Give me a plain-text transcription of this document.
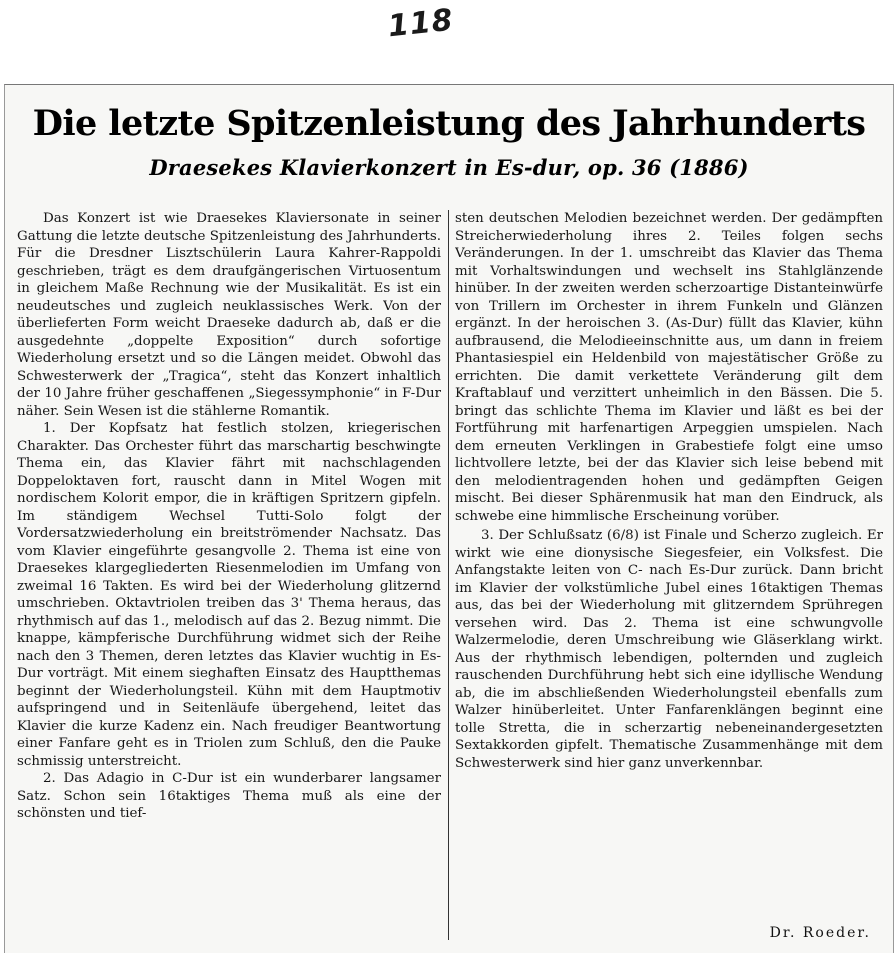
118
Die letzte Spitzenleistung des Jahrhunderts
Draesekes Klavierkonzert in Es-dur, op. 36 (1886)

Das Konzert ist wie Draesekes Klaviersonate in seiner Gattung die letzte deutsche Spitzenleistung des Jahrhunderts. Für die Dresdner Lisztschülerin Laura Kahrer-Rappoldi geschrieben, trägt es dem draufgängerischen Virtuosentum in gleichem Maße Rechnung wie der Musikalität. Es ist ein neudeutsches und zugleich neuklassisches Werk. Von der überlieferten Form weicht Draeseke dadurch ab, daß er die ausgedehnte „doppelte Exposition“ durch sofortige Wiederholung ersetzt und so die Längen meidet. Obwohl das Schwesterwerk der „Tragica“, steht das Konzert inhaltlich der 10 Jahre früher geschaffenen „Siegessymphonie“ in F-Dur näher. Sein Wesen ist die stählerne Romantik.

1. Der Kopfsatz hat festlich stolzen, kriegerischen Charakter. Das Orchester führt das marschartig beschwingte Thema ein, das Klavier fährt mit nachschlagenden Doppeloktaven fort, rauscht dann in Mitel Wogen mit nordischem Kolorit empor, die in kräftigen Spritzern gipfeln. Im ständigem Wechsel Tutti-Solo folgt der Vordersatzwiederholung ein breitströmender Nachsatz. Das vom Klavier eingeführte gesangvolle 2. Thema ist eine von Draesekes klargegliederten Riesenmelodien im Umfang von zweimal 16 Takten. Es wird bei der Wiederholung glitzernd umschrieben. Oktavtriolen treiben das 3' Thema heraus, das rhythmisch auf das 1., melodisch auf das 2. Bezug nimmt. Die knappe, kämpferische Durchführung widmet sich der Reihe nach den 3 Themen, deren letztes das Klavier wuchtig in Es-Dur vorträgt. Mit einem sieghaften Einsatz des Hauptthemas beginnt der Wiederholungsteil. Kühn mit dem Hauptmotiv aufspringend und in Seitenläufe übergehend, leitet das Klavier die kurze Kadenz ein. Nach freudiger Beantwortung einer Fanfare geht es in Triolen zum Schluß, den die Pauke schmissig unterstreicht.

2. Das Adagio in C-Dur ist ein wunderbarer langsamer Satz. Schon sein 16taktiges Thema muß als eine der schönsten und tief-

sten deutschen Melodien bezeichnet werden. Der gedämpften Streicherwiederholung ihres 2. Teiles folgen sechs Veränderungen. In der 1. umschreibt das Klavier das Thema mit Vorhaltswindungen und wechselt ins Stahlglänzende hinüber. In der zweiten werden scherzoartige Distanteinwürfe von Trillern im Orchester in ihrem Funkeln und Glänzen ergänzt. In der heroischen 3. (As-Dur) füllt das Klavier, kühn aufbrausend, die Melodieeinschnitte aus, um dann in freiem Phantasiespiel ein Heldenbild von majestätischer Größe zu errichten. Die damit verkettete Veränderung gilt dem Kraftablauf und verzittert unheimlich in den Bässen. Die 5. bringt das schlichte Thema im Klavier und läßt es bei der Fortführung mit harfenartigen Arpeggien umspielen. Nach dem erneuten Verklingen in Grabestiefe folgt eine umso lichtvollere letzte, bei der das Klavier sich leise bebend mit den melodientragenden hohen und gedämpften Geigen mischt. Bei dieser Sphärenmusik hat man den Eindruck, als schwebe eine himmlische Erscheinung vorüber.

3. Der Schlußsatz (6/8) ist Finale und Scherzo zugleich. Er wirkt wie eine dionysische Siegesfeier, ein Volksfest. Die Anfangstakte leiten von C- nach Es-Dur zurück. Dann bricht im Klavier der volkstümliche Jubel eines 16taktigen Themas aus, das bei der Wiederholung mit glitzerndem Sprühregen versehen wird. Das 2. Thema ist eine schwungvolle Walzermelodie, deren Umschreibung wie Gläserklang wirkt. Aus der rhythmisch lebendigen, polternden und zugleich rauschenden Durchführung hebt sich eine idyllische Wendung ab, die im abschließenden Wiederholungsteil ebenfalls zum Walzer hinüberleitet. Unter Fanfarenklängen beginnt eine tolle Stretta, die in scherzartig nebeneinandergesetzten Sextakkorden gipfelt. Thematische Zusammenhänge mit dem Schwesterwerk sind hier ganz unverkennbar.

Dr. Roeder.
